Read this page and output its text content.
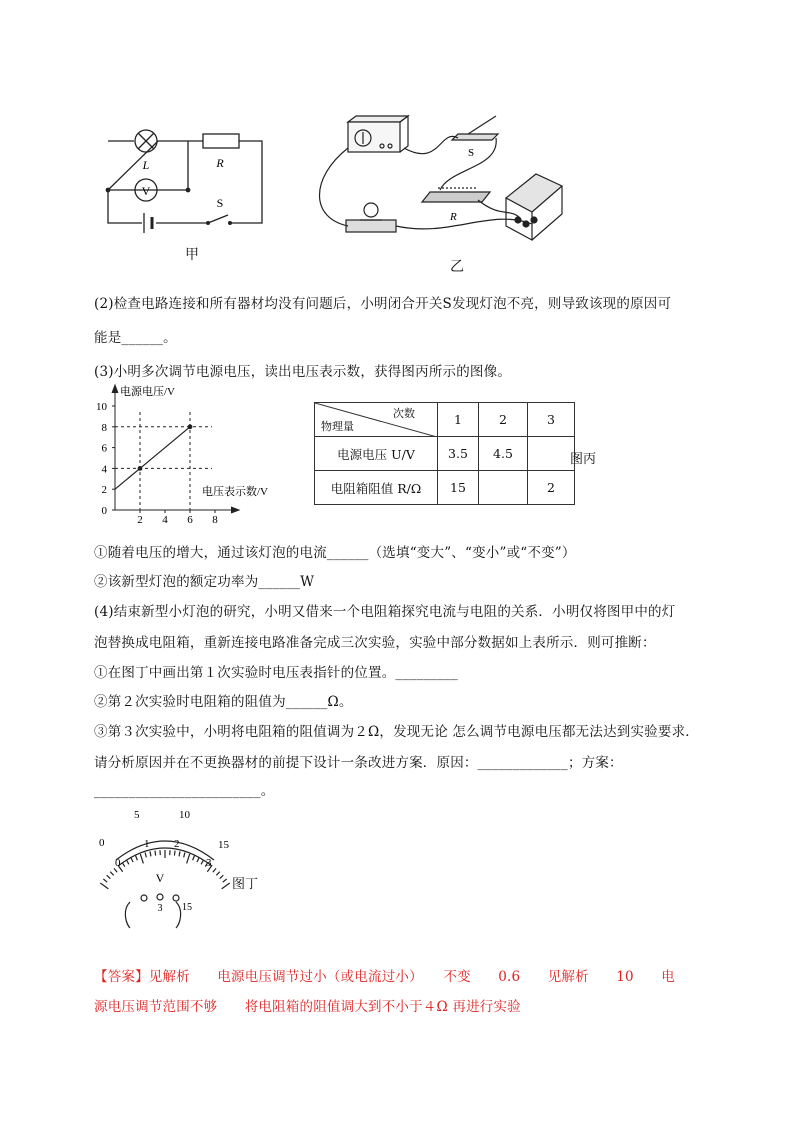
V
L	R
S
甲
S
R
乙
(2)检查电路连接和所有器材均没有问题后，小明闭合开关S发现灯泡不亮，则导致该现的原因可
能是______。
(3)小明多次调节电源电压，读出电压表示数，获得图丙所示的图像。
0
2
4
6
8
10
2 4 6 8
电源电压/V
电压表示数/V
次数
物理量	1	2	3
电源电压 U/V	3.5	4.5	
电阻箱阻值 R/Ω	15		2
图丙
①随着电压的增大，通过该灯泡的电流______（选填“变大”、“变小”或“不变”）
②该新型灯泡的额定功率为______W
(4)结束新型小灯泡的研究，小明又借来一个电阻箱探究电流与电阻的关系．小明仅将图甲中的灯
泡替换成电阻箱，重新连接电路准备完成三次实验，实验中部分数据如上表所示．则可推断：
①在图丁中画出第１次实验时电压表指针的位置。_________
②第２次实验时电阻箱的阻值为______Ω。
③第３次实验中，小明将电阻箱的阻值调为２Ω，发现无论 怎么调节电源电压都无法达到实验要求．
请分析原因并在不更换器材的前提下设计一条改进方案．原因：_____________；方案：
________________________。
0
5	10
15
0
1 2
3
V
3 15
图丁
【答案】见解析　　电源电压调节过小（或电流过小）　　不变　　0.6　　见解析　　10　　电
源电压调节范围不够　　将电阻箱的阻值调大到不小于４Ω 再进行实验
